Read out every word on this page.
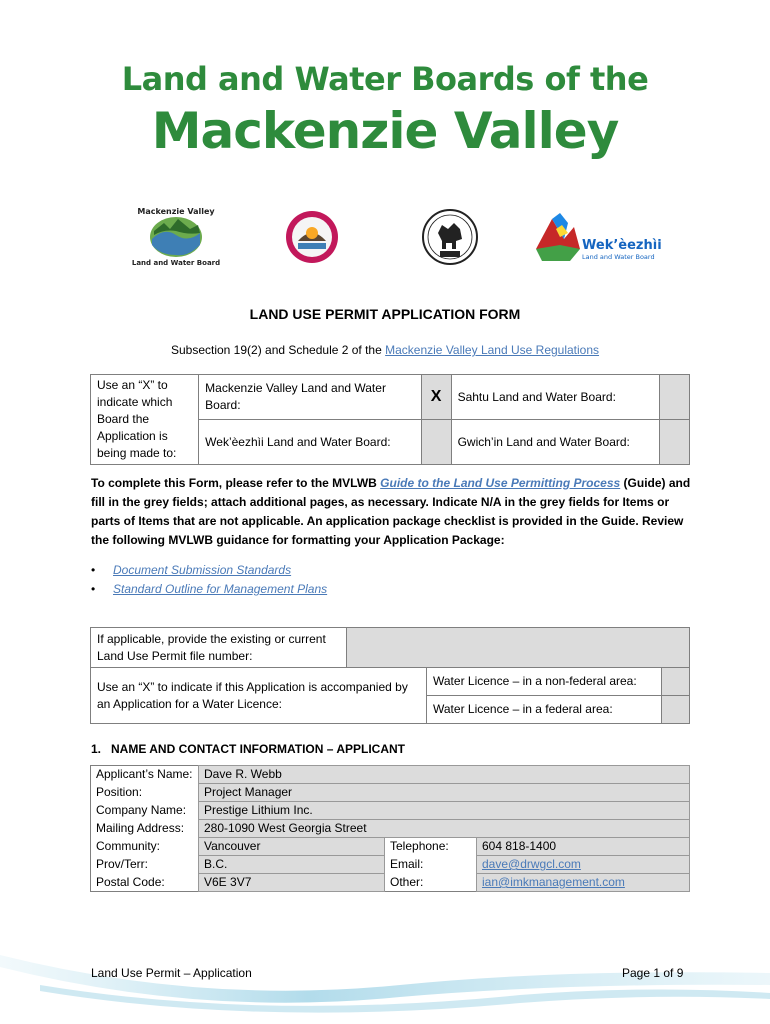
Land and Water Boards of the
Mackenzie Valley
Mackenzie Valley
Land and Water Board
Wek’èezhìi
Land and Water Board
LAND USE PERMIT APPLICATION FORM
Subsection 19(2) and Schedule 2 of the Mackenzie Valley Land Use Regulations
Use an “X” to indicate which Board the Application is being made to:	Mackenzie Valley Land and Water Board:	X	Sahtu Land and Water Board:	
	Wek’èezhìi Land and Water Board:		Gwich’in Land and Water Board:	
To complete this Form, please refer to the MVLWB Guide to the Land Use Permitting Process (Guide) and fill in the grey fields; attach additional pages, as necessary. Indicate N/A in the grey fields for Items or parts of Items that are not applicable. An application package checklist is provided in the Guide. Review the following MVLWB guidance for formatting your Application Package:
• Document Submission Standards
• Standard Outline for Management Plans
If applicable, provide the existing or current Land Use Permit file number:	
Use an “X” to indicate if this Application is accompanied by an Application for a Water Licence:	Water Licence – in a non-federal area:	
	Water Licence – in a federal area:	
1.   NAME AND CONTACT INFORMATION – APPLICANT
Applicant’s Name:	Dave R. Webb		
Position:	Project Manager		
Company Name:	Prestige Lithium Inc.		
Mailing Address:	280-1090 West Georgia Street		
Community:	Vancouver	Telephone:	604 818-1400
Prov/Terr:	B.C.	Email:	dave@drwgcl.com
Postal Code:	V6E 3V7	Other:	ian@imkmanagement.com
Land Use Permit – Application	Page 1 of 9
